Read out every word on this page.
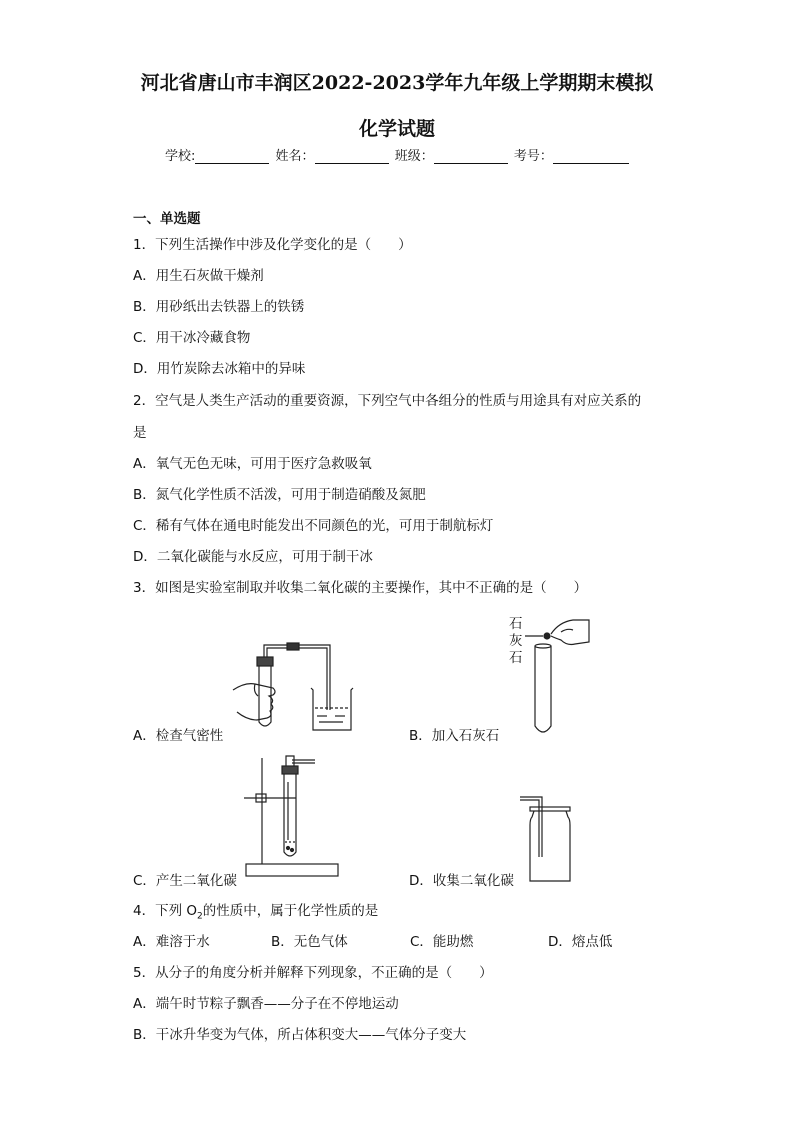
河北省唐山市丰润区2022-2023学年九年级上学期期末模拟
化学试题
学校:	姓名：	班级：	考号：
一、单选题
1．下列生活操作中涉及化学变化的是（　　）
A．用生石灰做干燥剂
B．用砂纸出去铁器上的铁锈
C．用干冰冷藏食物
D．用竹炭除去冰箱中的异味
2．空气是人类生产活动的重要资源，下列空气中各组分的性质与用途具有对应关系的
是
A．氧气无色无味，可用于医疗急救吸氧
B．氮气化学性质不活泼，可用于制造硝酸及氮肥
C．稀有气体在通电时能发出不同颜色的光，可用于制航标灯
D．二氧化碳能与水反应，可用于制干冰
3．如图是实验室制取并收集二氧化碳的主要操作，其中不正确的是（　　）
A．检查气密性
石
灰
石
B．加入石灰石
C．产生二氧化碳	D．收集二氧化碳
4．下列 $O_2$的性质中，属于化学性质的是
A．难溶于水	B．无色气体	C．能助燃	D．熔点低
5．从分子的角度分析并解释下列现象，不正确的是（　　）
A．端午时节粽子飘香——分子在不停地运动
B．干冰升华变为气体，所占体积变大——气体分子变大
